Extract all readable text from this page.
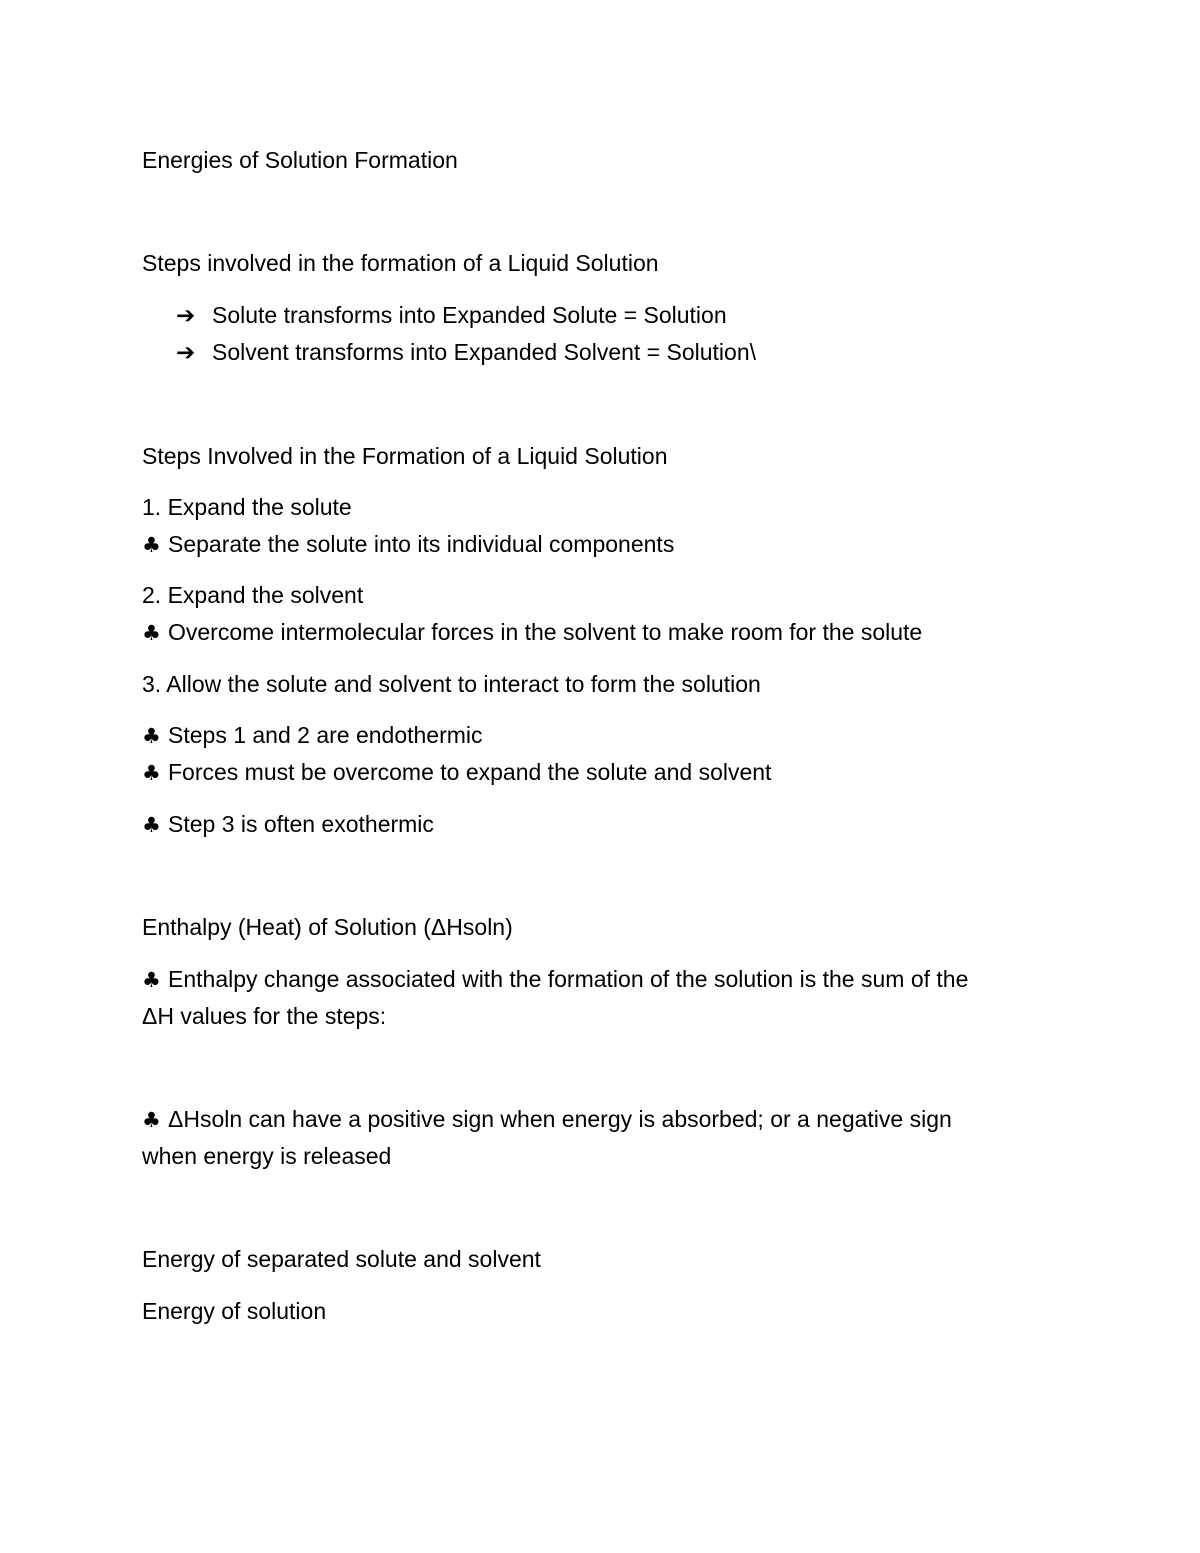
Energies of Solution Formation
Steps involved in the formation of a Liquid Solution
➔ Solute transforms into Expanded Solute = Solution
➔ Solvent transforms into Expanded Solvent = Solution\
Steps Involved in the Formation of a Liquid Solution
1. Expand the solute
♣ Separate the solute into its individual components
2. Expand the solvent
♣ Overcome intermolecular forces in the solvent to make room for the solute
3. Allow the solute and solvent to interact to form the solution
♣ Steps 1 and 2 are endothermic
♣ Forces must be overcome to expand the solute and solvent
♣ Step 3 is often exothermic
Enthalpy (Heat) of Solution (ΔHsoln)
♣ Enthalpy change associated with the formation of the solution is the sum of the
ΔH values for the steps:
♣ ΔHsoln can have a positive sign when energy is absorbed; or a negative sign
when energy is released
Energy of separated solute and solvent
Energy of solution
